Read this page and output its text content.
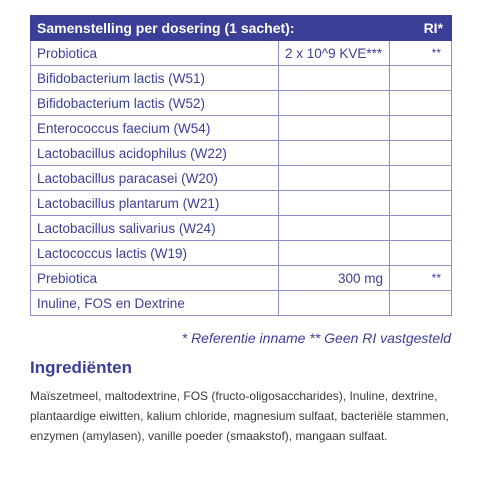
Samenstelling per dosering (1 sachet):		RI*
Probiotica	2 x 10^9 KVE***	**
Bifidobacterium lactis (W51)		
Bifidobacterium lactis (W52)		
Enterococcus faecium (W54)		
Lactobacillus acidophilus (W22)		
Lactobacillus paracasei (W20)		
Lactobacillus plantarum (W21)		
Lactobacillus salivarius (W24)		
Lactococcus lactis (W19)		
Prebiotica	300 mg	**
Inuline, FOS en Dextrine		
* Referentie inname ** Geen RI vastgesteld
Ingrediënten

Maïszetmeel, maltodextrine, FOS (fructo-oligosaccharides), Inuline, dextrine, plantaardige eiwitten, kalium chloride, magnesium sulfaat, bacteriële stammen, enzymen (amylasen), vanille poeder (smaakstof), mangaan sulfaat.
